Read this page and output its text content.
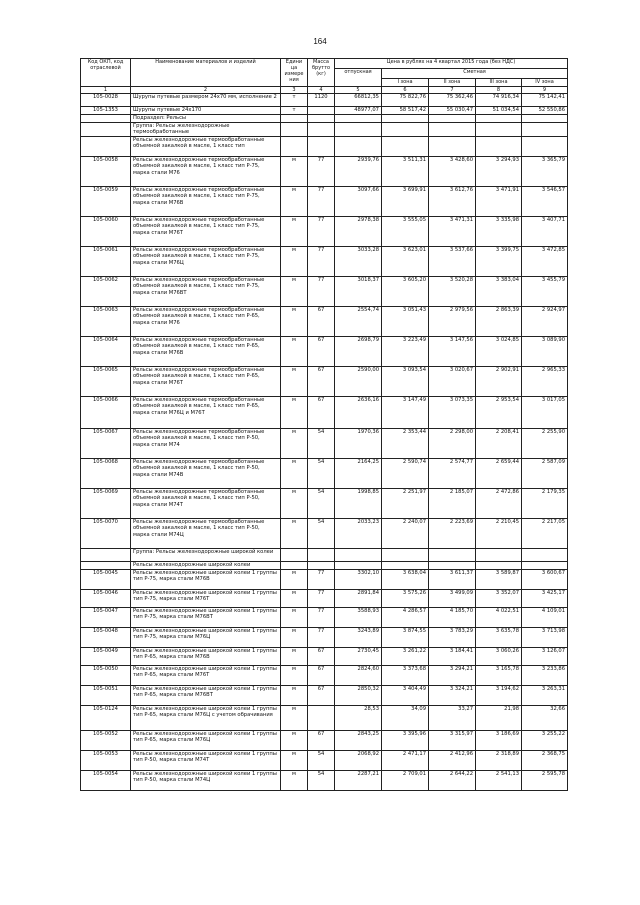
164
Код ОКП, код отраслевой	Наименование материалов и изделий	Едини ца измере ния	Масса брутто (кг)	Цена в рублях на 4 квартал 2015 года (без НДС)				
				отпускная	Сметная			
					I зона	II зона	III зона	IV зона
1	2	3	4	5	6	7	8	9
105-0028	Шурупы путевые размером 24х70 мм, исполнение 2	т	1120	66812,35	75 822,76	75 362,46	74 916,34	75 142,41
105-1353	Шурупы путевые 24х170	т		48977,07	58 517,42	55 030,47	51 034,54	52 550,86
	Подраздел: Рельсы							
	Группа: Рельсы железнодорожные термообработанные							
	Рельсы железнодорожные термообработанные объемной закалкой в масле, 1 класс тип							
105-0058	Рельсы железнодорожные термообработанные объемной закалкой в масле, 1 класс тип Р-75, марка стали М76	м	77	2939,76	3 511,31	3 428,60	3 294,93	3 365,79
105-0059	Рельсы железнодорожные термообработанные объемной закалкой в масле, 1 класс тип Р-75, марка стали М76В	м	77	3097,66	3 699,91	3 612,76	3 471,91	3 546,57
105-0060	Рельсы железнодорожные термообработанные объемной закалкой в масле, 1 класс тип Р-75, марка стали М76Т	м	77	2978,38	3 555,05	3 471,31	3 335,98	3 407,71
105-0061	Рельсы железнодорожные термообработанные объемной закалкой в масле, 1 класс тип Р-75, марка стали М76Ц	м	77	3033,28	3 623,01	3 537,66	3 399,75	3 472,85
105-0062	Рельсы железнодорожные термообработанные объемной закалкой в масле, 1 класс тип Р-75, марка стали М76ВТ	м	77	3018,37	3 605,20	3 520,28	3 383,04	3 455,79
105-0063	Рельсы железнодорожные термообработанные объемной закалкой в масле, 1 класс тип Р-65, марка стали М76	м	67	2554,74	3 051,43	2 979,56	2 863,39	2 924,97
105-0064	Рельсы железнодорожные термообработанные объемной закалкой в масле, 1 класс тип Р-65, марка стали М76В	м	67	2698,79	3 223,49	3 147,56	3 024,85	3 089,90
105-0065	Рельсы железнодорожные термообработанные объемной закалкой в масле, 1 класс тип Р-65, марка стали М76Т	м	67	2590,00	3 093,54	3 020,67	2 902,91	2 965,33
105-0066	Рельсы железнодорожные термообработанные объемной закалкой в масле, 1 класс тип Р-65, марка стали М76Ц и М76Т	м	67	2636,16	3 147,49	3 073,35	2 953,54	3 017,05
105-0067	Рельсы железнодорожные термообработанные объемной закалкой в масле, 1 класс тип Р-50, марка стали М74	м	54	1970,36	2 353,44	2 298,00	2 208,41	2 255,90
105-0068	Рельсы железнодорожные термообработанные объемной закалкой в масле, 1 класс тип Р-50, марка стали М74В	м	54	2164,25	2 590,74	2 574,77	2 659,44	2 587,09
105-0069	Рельсы железнодорожные термообработанные объемной закалкой в масле, 1 класс тип Р-50, марка стали М74Т	м	54	1998,85	2 251,97	2 185,07	2 472,86	2 179,35
105-0070	Рельсы железнодорожные термообработанные объемной закалкой в масле, 1 класс тип Р-50, марка стали М74Ц	м	54	2033,23	2 240,07	2 223,69	2 210,45	2 217,05
	Группа: Рельсы железнодорожные широкой колеи							
	Рельсы железнодорожные широкой колеи							
105-0045	Рельсы железнодорожные широкой колеи 1 группы тип Р-75, марка стали М76В	м	77	3302,10	3 638,04	3 611,37	3 589,87	3 600,67
105-0046	Рельсы железнодорожные широкой колеи 1 группы тип Р-75, марка стали М76Т	м	77	2891,84	3 575,26	3 499,09	3 352,07	3 425,17
105-0047	Рельсы железнодорожные широкой колеи 1 группы тип Р-75, марка стали М76ВТ	м	77	3588,93	4 286,57	4 185,70	4 022,51	4 109,01
105-0048	Рельсы железнодорожные широкой колеи 1 группы тип Р-75, марка стали М76Ц	м	77	3243,89	3 874,55	3 783,29	3 635,78	3 713,98
105-0049	Рельсы железнодорожные широкой колеи 1 группы тип Р-65, марка стали М76В	м	67	2730,45	3 261,22	3 184,41	3 060,26	3 126,07
105-0050	Рельсы железнодорожные широкой колеи 1 группы тип Р-65, марка стали М76Т	м	67	2824,60	3 373,68	3 294,21	3 165,78	3 233,86
105-0051	Рельсы железнодорожные широкой колеи 1 группы тип Р-65, марка стали М76ВТ	м	67	2850,32	3 404,49	3 324,21	3 194,62	3 263,31
105-0124	Рельсы железнодорожные широкой колеи 1 группы тип Р-65, марка стали М76Ц с учетом обрачивания	м		28,53	34,09	33,27	21,98	32,66
105-0052	Рельсы железнодорожные широкой колеи 1 группы тип Р-65, марка стали М76Ц	м	67	2843,25	3 395,96	3 315,97	3 186,69	3 255,22
105-0053	Рельсы железнодорожные широкой колеи 1 группы тип Р-50, марка стали М74Т	м	54	2068,92	2 471,17	2 412,96	2 318,89	2 368,75
105-0054	Рельсы железнодорожные широкой колеи 1 группы тип Р-50, марка стали М74Ц	м	54	2287,21	2 709,01	2 644,22	2 541,13	2 595,78
